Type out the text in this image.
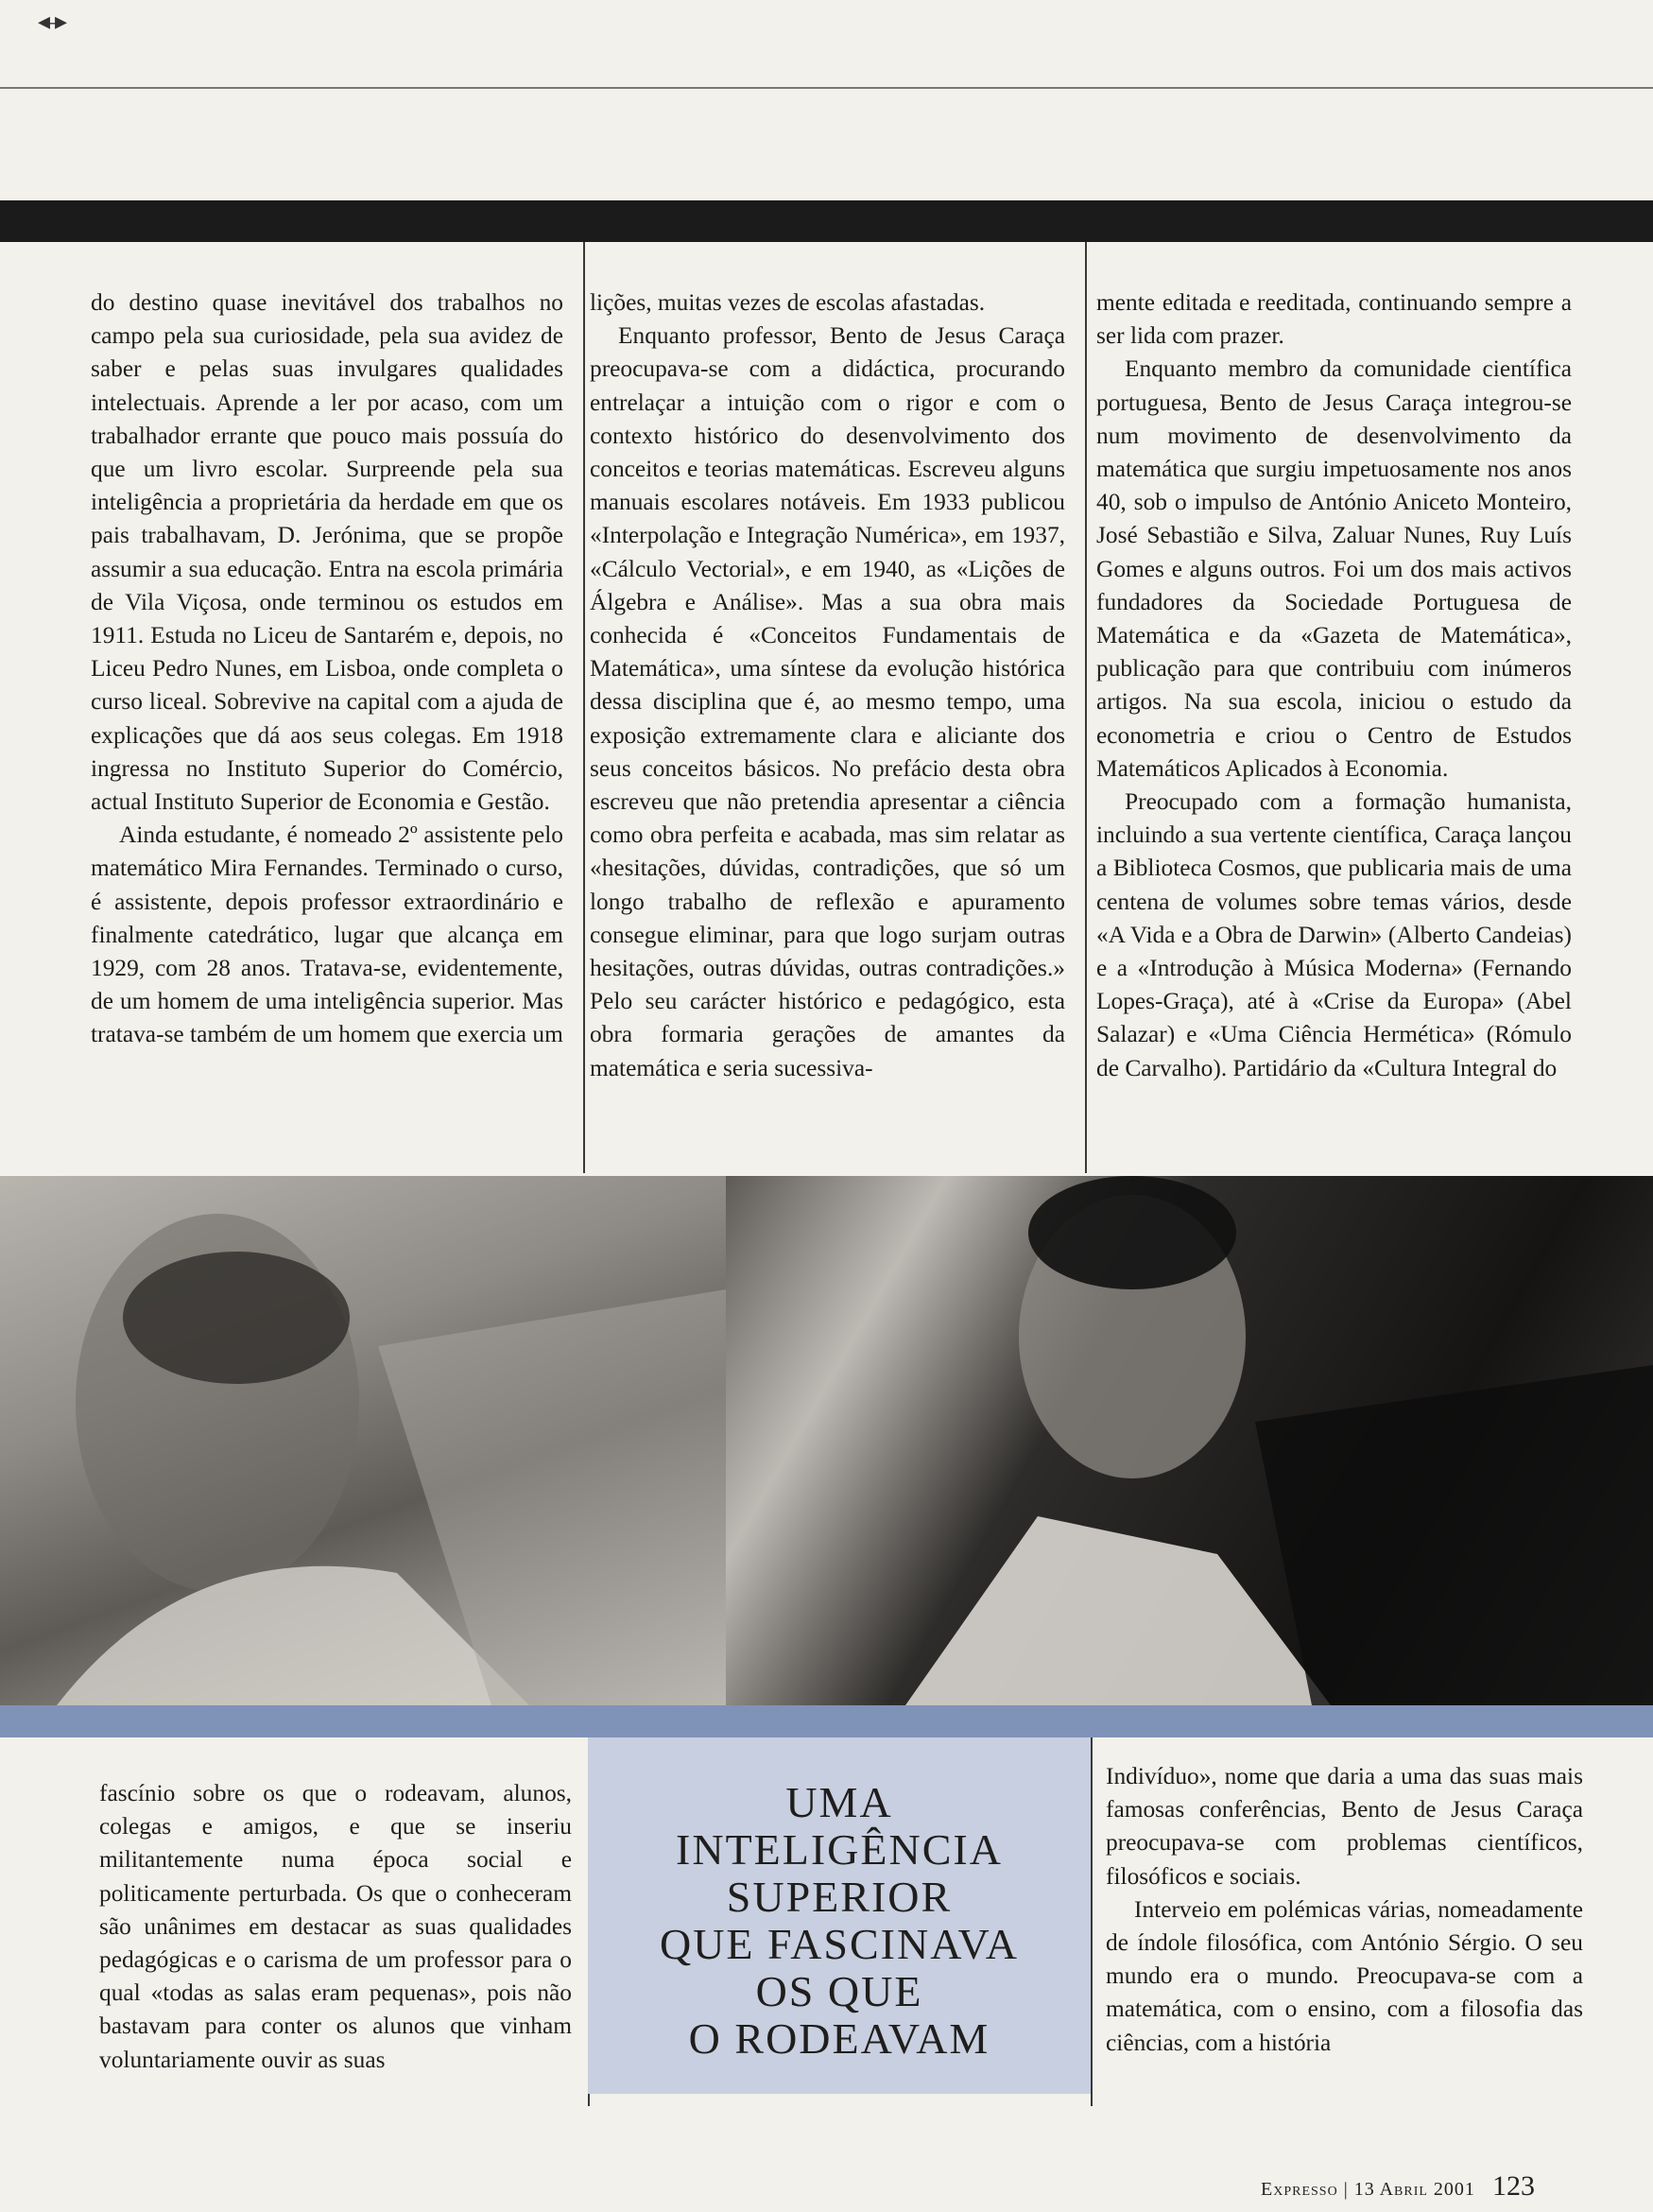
◂–▸

do destino quase inevitável dos trabalhos no campo pela sua curiosidade, pela sua avidez de saber e pelas suas invulgares qualidades intelectuais. Aprende a ler por acaso, com um trabalhador errante que pouco mais possuía do que um livro escolar. Surpreende pela sua inteligência a proprietária da herdade em que os pais trabalhavam, D. Jerónima, que se propõe assumir a sua educação. Entra na escola primária de Vila Viçosa, onde terminou os estudos em 1911. Estuda no Liceu de Santarém e, depois, no Liceu Pedro Nunes, em Lisboa, onde completa o curso liceal. Sobrevive na capital com a ajuda de explicações que dá aos seus colegas. Em 1918 ingressa no Instituto Superior do Comércio, actual Instituto Superior de Economia e Gestão.

Ainda estudante, é nomeado 2º assistente pelo matemático Mira Fernandes. Terminado o curso, é assistente, depois professor extraordinário e finalmente catedrático, lugar que alcança em 1929, com 28 anos. Tratava-se, evidentemente, de um homem de uma inteligência superior. Mas tratava-se também de um homem que exercia um

lições, muitas vezes de escolas afastadas.

Enquanto professor, Bento de Jesus Caraça preocupava-se com a didáctica, procurando entrelaçar a intuição com o rigor e com o contexto histórico do desenvolvimento dos conceitos e teorias matemáticas. Escreveu alguns manuais escolares notáveis. Em 1933 publicou «Interpolação e Integração Numérica», em 1937, «Cálculo Vectorial», e em 1940, as «Lições de Álgebra e Análise». Mas a sua obra mais conhecida é «Conceitos Fundamentais de Matemática», uma síntese da evolução histórica dessa disciplina que é, ao mesmo tempo, uma exposição extremamente clara e aliciante dos seus conceitos básicos. No prefácio desta obra escreveu que não pretendia apresentar a ciência como obra perfeita e acabada, mas sim relatar as «hesitações, dúvidas, contradições, que só um longo trabalho de reflexão e apuramento consegue eliminar, para que logo surjam outras hesitações, outras dúvidas, outras contradições.» Pelo seu carácter histórico e pedagógico, esta obra formaria gerações de amantes da matemática e seria sucessiva-

mente editada e reeditada, continuando sempre a ser lida com prazer.

Enquanto membro da comunidade científica portuguesa, Bento de Jesus Caraça integrou-se num movimento de desenvolvimento da matemática que surgiu impetuosamente nos anos 40, sob o impulso de António Aniceto Monteiro, José Sebastião e Silva, Zaluar Nunes, Ruy Luís Gomes e alguns outros. Foi um dos mais activos fundadores da Sociedade Portuguesa de Matemática e da «Gazeta de Matemática», publicação para que contribuiu com inúmeros artigos. Na sua escola, iniciou o estudo da econometria e criou o Centro de Estudos Matemáticos Aplicados à Economia.

Preocupado com a formação humanista, incluindo a sua vertente científica, Caraça lançou a Biblioteca Cosmos, que publicaria mais de uma centena de volumes sobre temas vários, desde «A Vida e a Obra de Darwin» (Alberto Candeias) e a «Introdução à Música Moderna» (Fernando Lopes-Graça), até à «Crise da Europa» (Abel Salazar) e «Uma Ciência Hermética» (Rómulo de Carvalho). Partidário da «Cultura Integral do

fascínio sobre os que o rodeavam, alunos, colegas e amigos, e que se inseriu militantemente numa época social e politicamente perturbada. Os que o conheceram são unânimes em destacar as suas qualidades pedagógicas e o carisma de um professor para o qual «todas as salas eram pequenas», pois não bastavam para conter os alunos que vinham voluntariamente ouvir as suas

UMA
INTELIGÊNCIA
SUPERIOR
QUE FASCINAVA
OS QUE
O RODEAVAM

Indivíduo», nome que daria a uma das suas mais famosas conferências, Bento de Jesus Caraça preocupava-se com problemas científicos, filosóficos e sociais.

Interveio em polémicas várias, nomeadamente de índole filosófica, com António Sérgio. O seu mundo era o mundo. Preocupava-se com a matemática, com o ensino, com a filosofia das ciências, com a história

Expresso | 13 Abril 2001 123
